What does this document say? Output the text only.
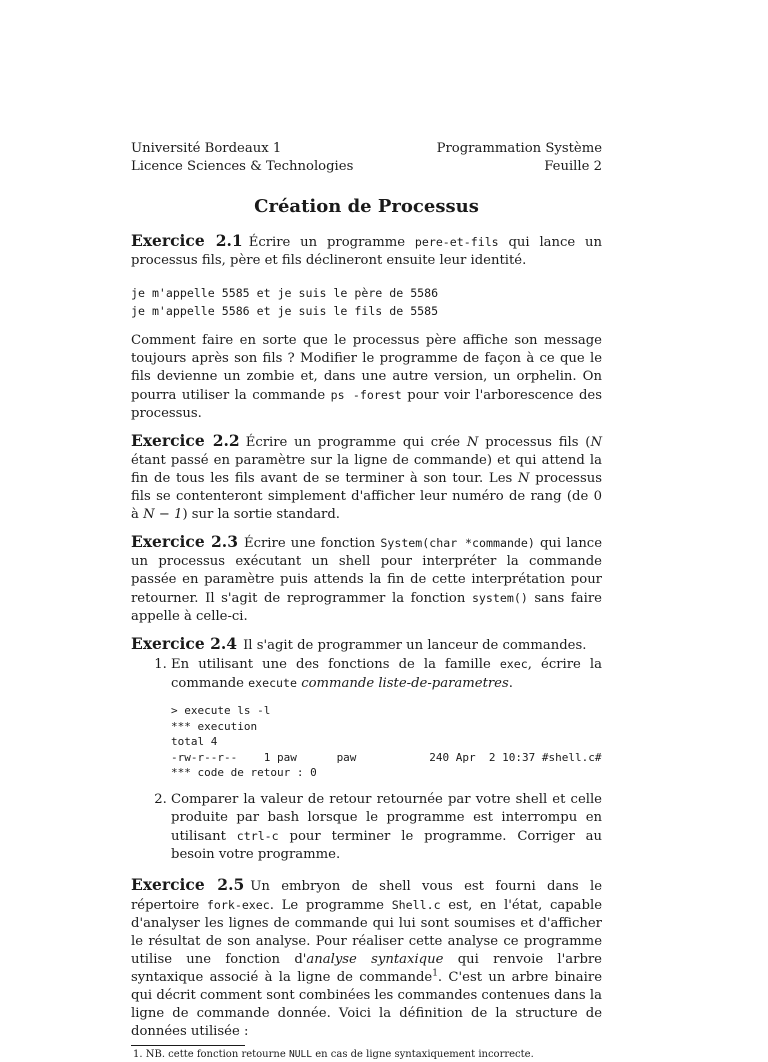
Université Bordeaux 1
Licence Sciences & Technologies
Programmation Système
Feuille 2
Création de Processus

Exercice 2.1 Écrire un programme pere-et-fils qui lance un processus fils, père et fils déclineront ensuite leur identité.

je m'appelle 5585 et je suis le père de 5586
je m'appelle 5586 et je suis le fils de 5585

Comment faire en sorte que le processus père affiche son message toujours après son fils ? Modifier le programme de façon à ce que le fils devienne un zombie et, dans une autre version, un orphelin. On pourra utiliser la commande ps -forest pour voir l'arborescence des processus.

Exercice 2.2 Écrire un programme qui crée N processus fils (N étant passé en paramètre sur la ligne de commande) et qui attend la fin de tous les fils avant de se terminer à son tour. Les N processus fils se contenteront simplement d'afficher leur numéro de rang (de 0 à N − 1) sur la sortie standard.

Exercice 2.3 Écrire une fonction System(char *commande) qui lance un processus exécutant un shell pour interpréter la commande passée en paramètre puis attends la fin de cette interprétation pour retourner. Il s'agit de reprogrammer la fonction system() sans faire appelle à celle-ci.

Exercice 2.4 Il s'agit de programmer un lanceur de commandes.

1. En utilisant une des fonctions de la famille exec, écrire la commande execute commande liste-de-parametres.
> execute ls -l
*** execution
total 4
-rw-r--r--    1 paw      paw           240 Apr  2 10:37 #shell.c#
*** code de retour : 0
2. Comparer la valeur de retour retournée par votre shell et celle produite par bash lorsque le programme est interrompu en utilisant ctrl-c pour terminer le programme. Corriger au besoin votre programme.

Exercice 2.5 Un embryon de shell vous est fourni dans le répertoire fork-exec. Le programme Shell.c est, en l'état, capable d'analyser les lignes de commande qui lui sont soumises et d'afficher le résultat de son analyse. Pour réaliser cette analyse ce programme utilise une fonction d'analyse syntaxique qui renvoie l'arbre syntaxique associé à la ligne de commande$^1$. C'est un arbre binaire qui décrit comment sont combinées les commandes contenues dans la ligne de commande donnée. Voici la définition de la structure de données utilisée :

1. NB. cette fonction retourne NULL en cas de ligne syntaxiquement incorrecte.
